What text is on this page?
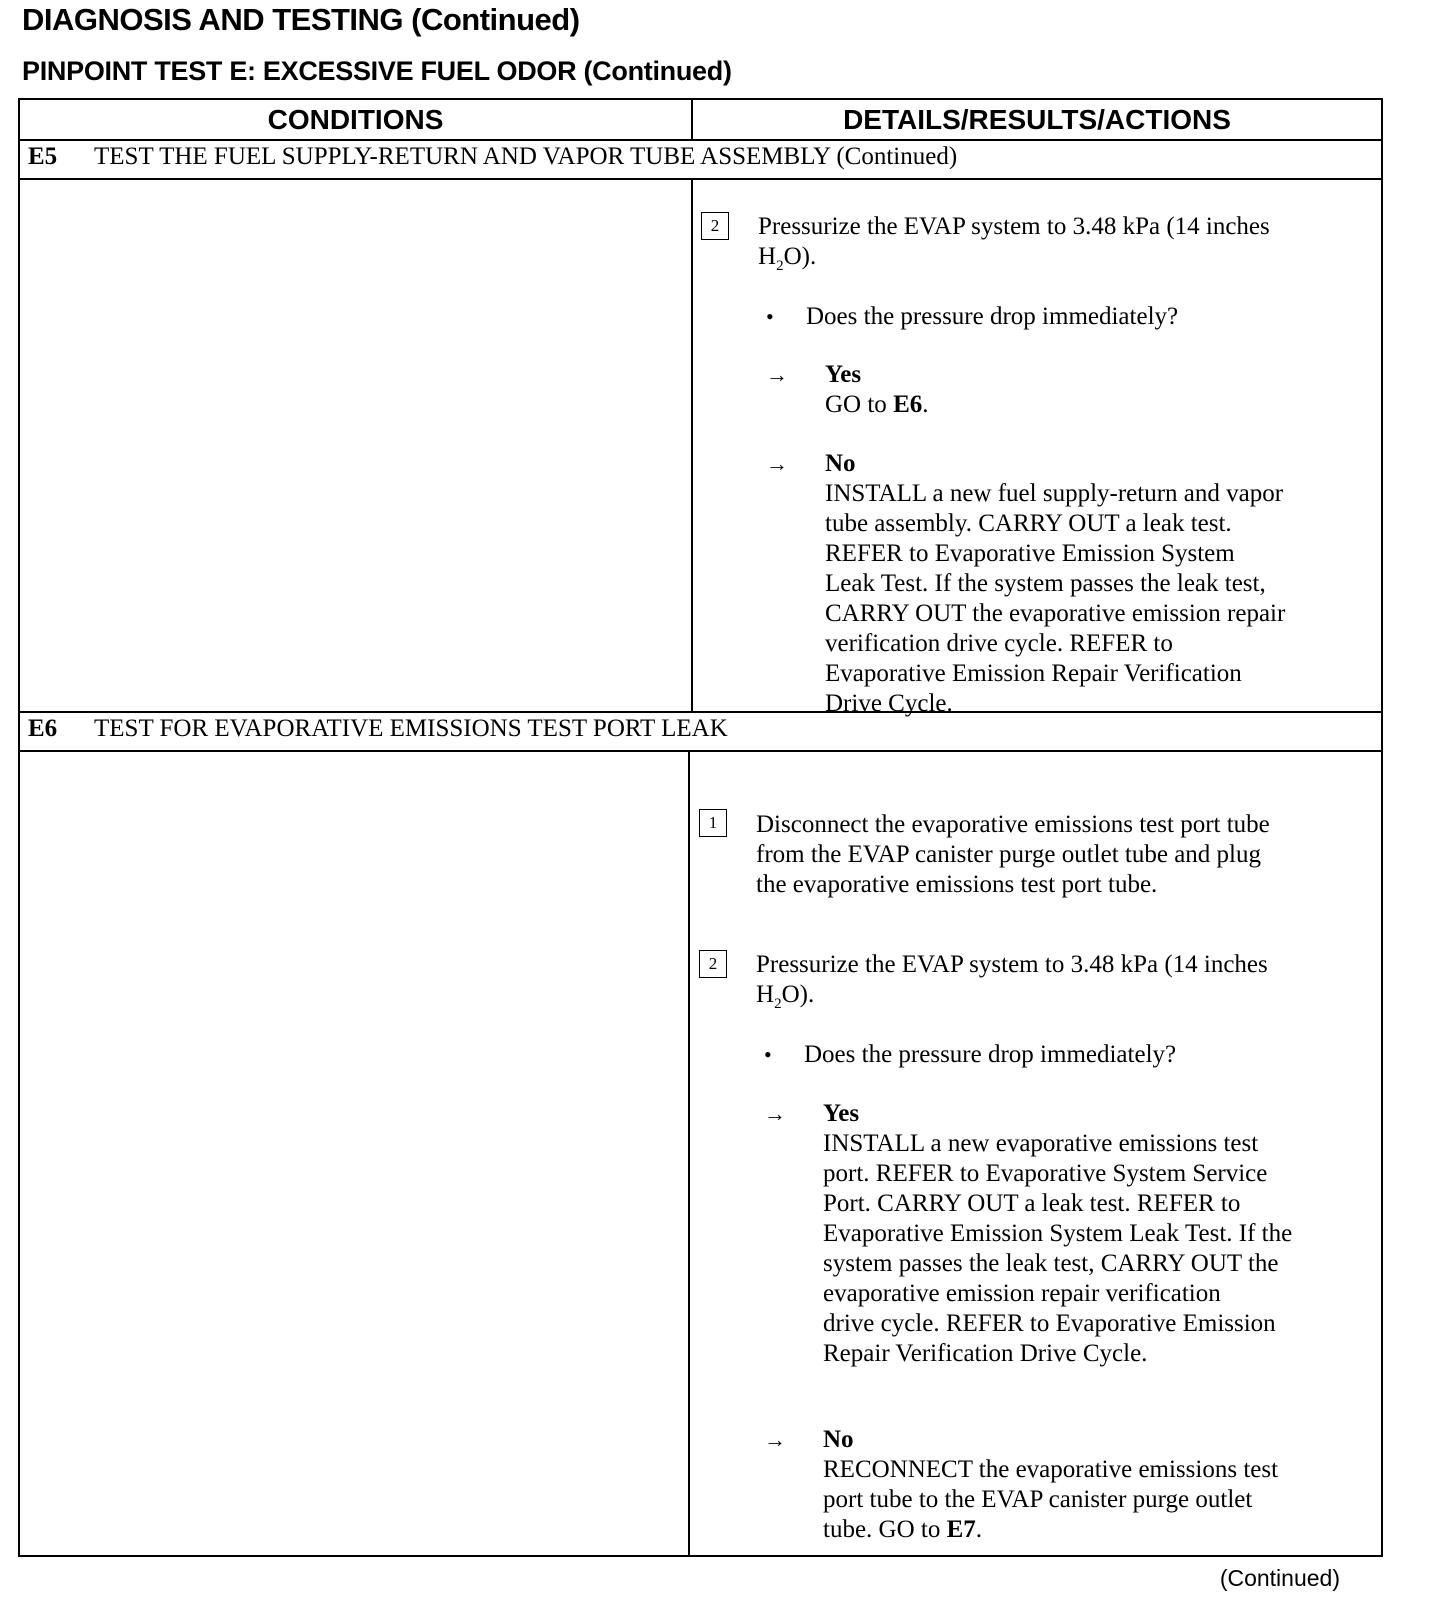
DIAGNOSIS AND TESTING (Continued)
PINPOINT TEST E: EXCESSIVE FUEL ODOR (Continued)
CONDITIONS	DETAILS/RESULTS/ACTIONS
E5 TEST THE FUEL SUPPLY-RETURN AND VAPOR TUBE ASSEMBLY (Continued)
2	Pressurize the EVAP system to 3.48 kPa (14 inches
$H_2O$).
• Does the pressure drop immediately?
→ Yes
GO to E6.
→ No
INSTALL a new fuel supply-return and vapor
tube assembly. CARRY OUT a leak test.
REFER to Evaporative Emission System
Leak Test. If the system passes the leak test,
CARRY OUT the evaporative emission repair
verification drive cycle. REFER to
Evaporative Emission Repair Verification
Drive Cycle.
E6 TEST FOR EVAPORATIVE EMISSIONS TEST PORT LEAK
1	Disconnect the evaporative emissions test port tube
from the EVAP canister purge outlet tube and plug
the evaporative emissions test port tube.
2	Pressurize the EVAP system to 3.48 kPa (14 inches
$H_2O$).
• Does the pressure drop immediately?
→ Yes
INSTALL a new evaporative emissions test
port. REFER to Evaporative System Service
Port. CARRY OUT a leak test. REFER to
Evaporative Emission System Leak Test. If the
system passes the leak test, CARRY OUT the
evaporative emission repair verification
drive cycle. REFER to Evaporative Emission
Repair Verification Drive Cycle.
→ No
RECONNECT the evaporative emissions test
port tube to the EVAP canister purge outlet
tube. GO to E7.
(Continued)
